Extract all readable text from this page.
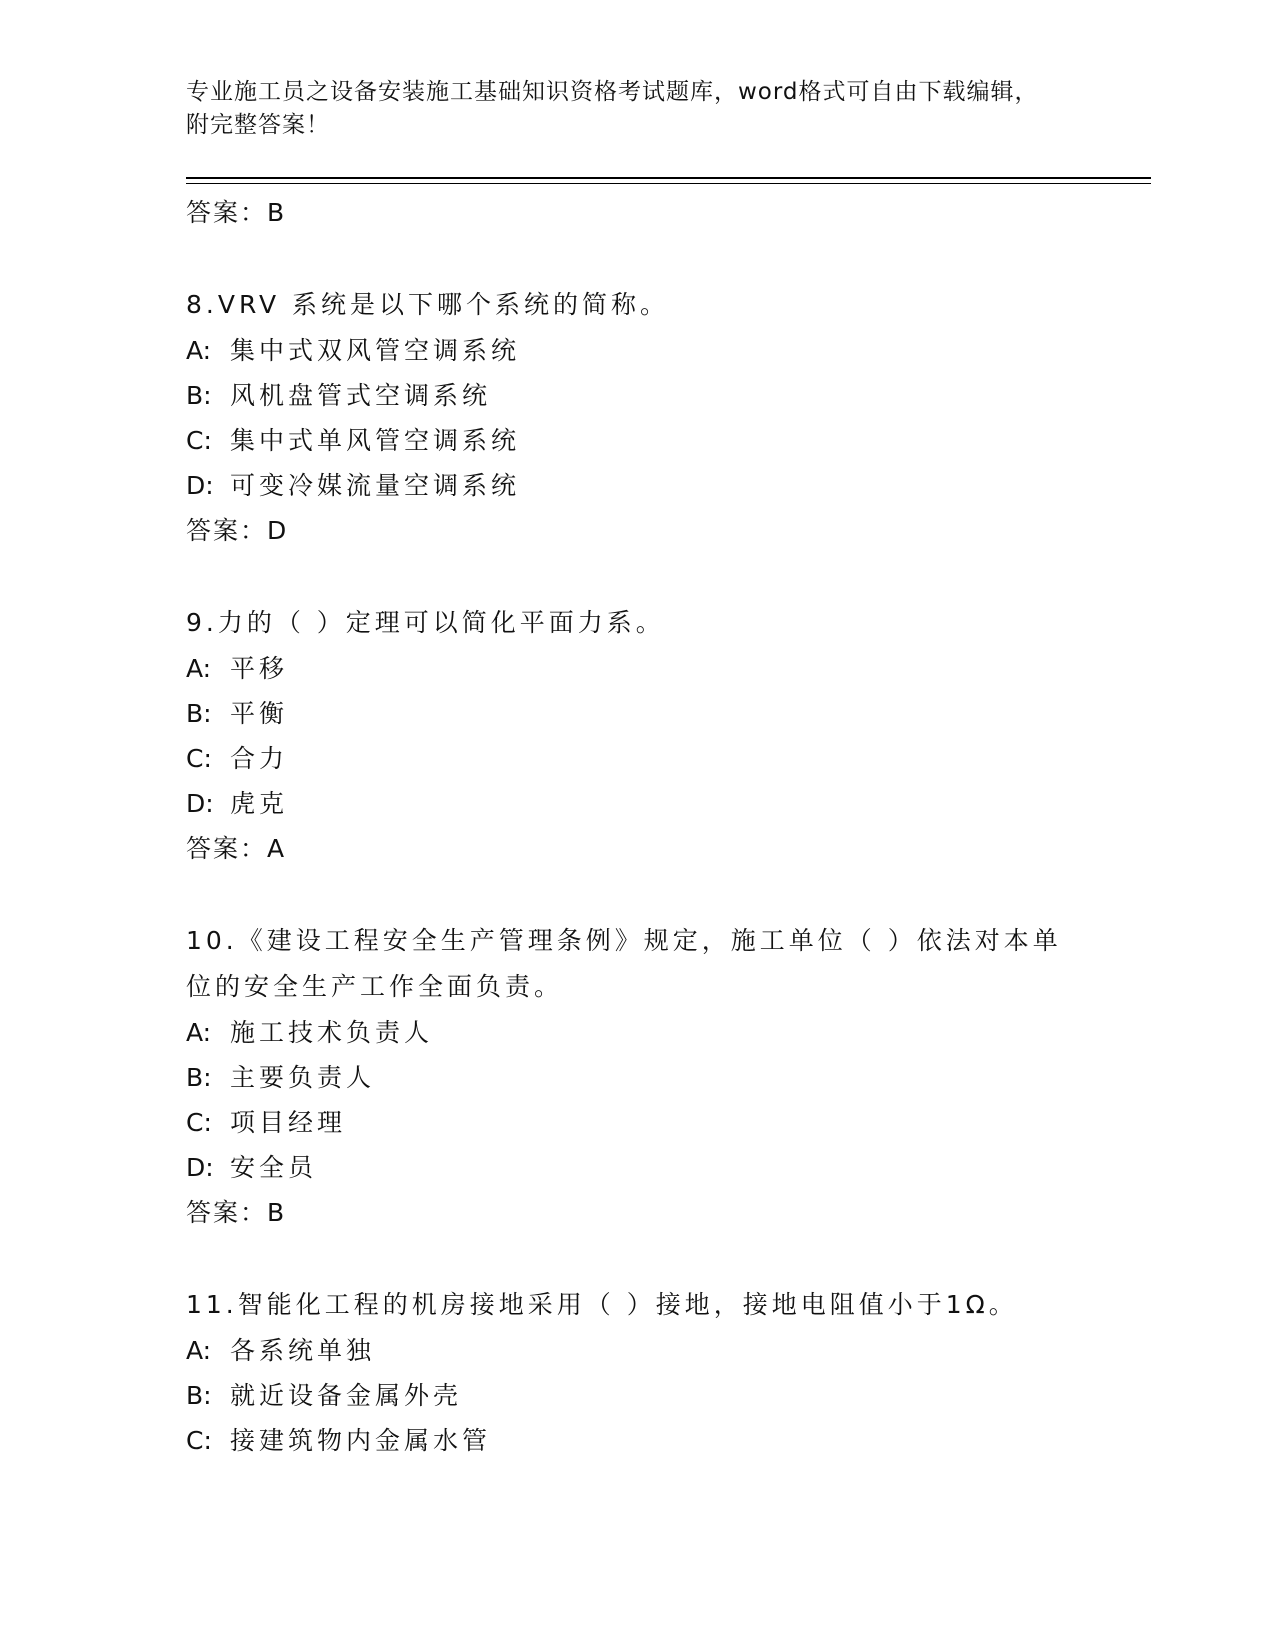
专业施工员之设备安装施工基础知识资格考试题库，word格式可自由下载编辑，
附完整答案！
答案：B
8.VRV 系统是以下哪个系统的简称。
A: 集中式双风管空调系统
B: 风机盘管式空调系统
C: 集中式单风管空调系统
D: 可变冷媒流量空调系统
答案：D
9.力的（ ）定理可以简化平面力系。
A: 平移
B: 平衡
C: 合力
D: 虎克
答案：A
10.《建设工程安全生产管理条例》规定，施工单位（ ）依法对本单
位的安全生产工作全面负责。
A: 施工技术负责人
B: 主要负责人
C: 项目经理
D: 安全员
答案：B
11.智能化工程的机房接地采用（ ）接地，接地电阻值小于1Ω。
A: 各系统单独
B: 就近设备金属外壳
C: 接建筑物内金属水管
